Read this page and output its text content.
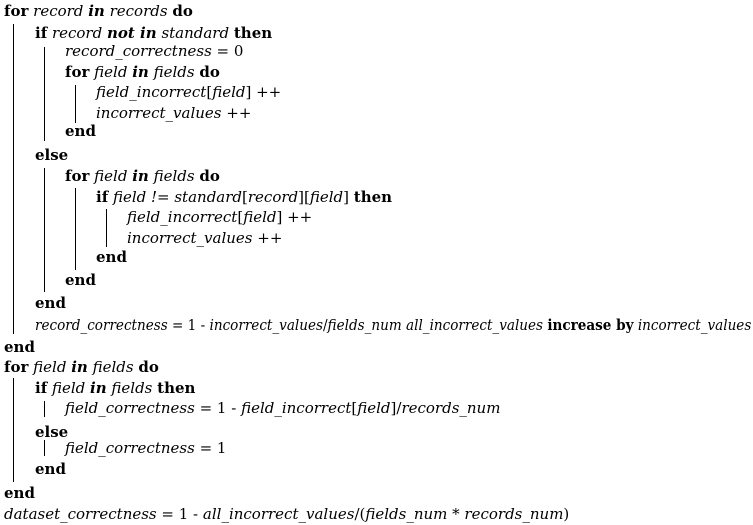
for record in records do
if record not in standard then
record_correctness = 0
for field in fields do
field_incorrect[field] ++
incorrect_values ++
end
else
for field in fields do
if field != standard[record][field] then
field_incorrect[field] ++
incorrect_values ++
end
end
end
record_correctness = 1 - incorrect_values/fields_num all_incorrect_values increase by incorrect_values
end
for field in fields do
if field in fields then
field_correctness = 1 - field_incorrect[field]/records_num
else
field_correctness = 1
end
end
dataset_correctness = 1 - all_incorrect_values/(fields_num * records_num)
